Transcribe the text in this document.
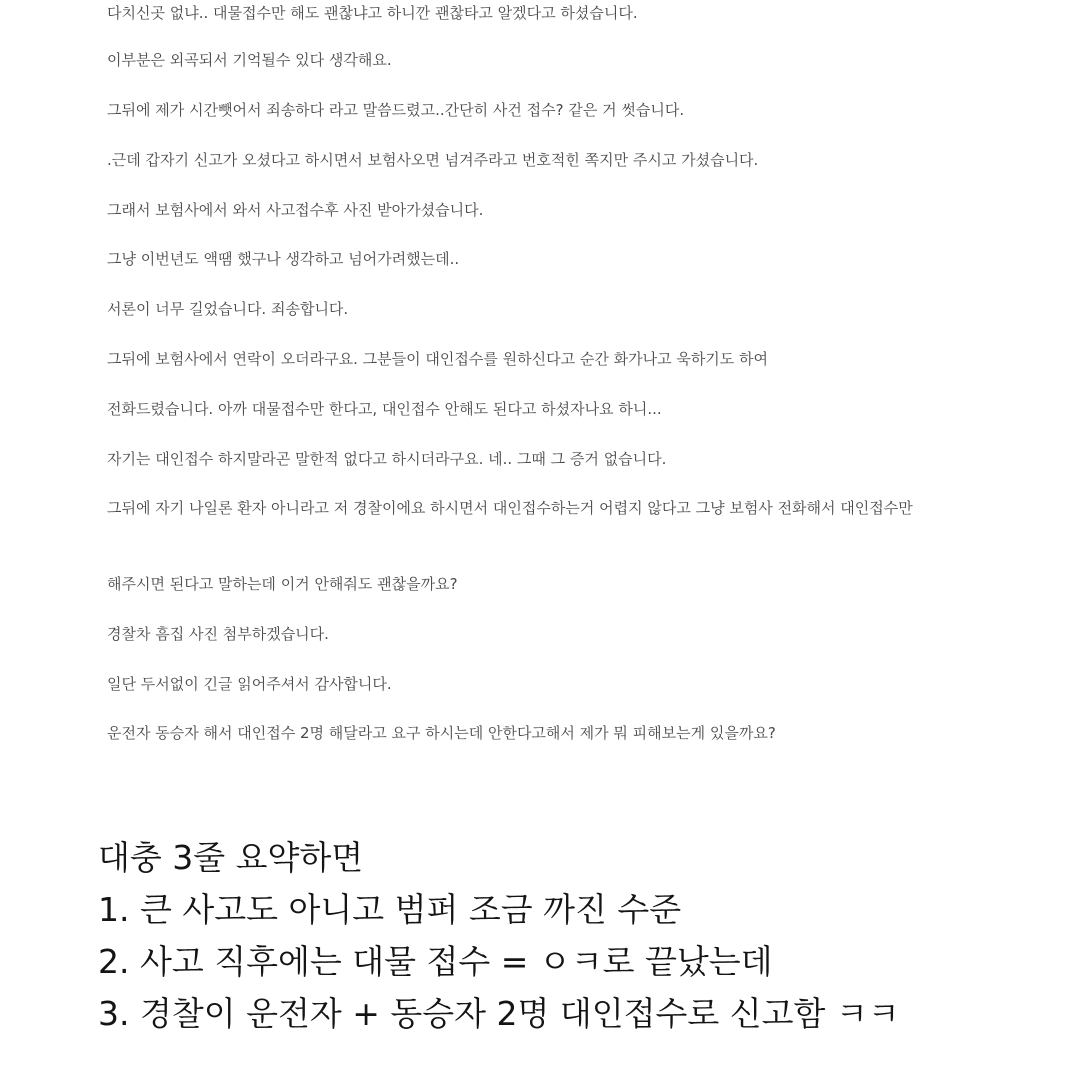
다치신곳 없냐.. 대물접수만 해도 괜찮냐고 하니깐 괜찮타고 알겠다고 하셨습니다.

이부분은 외곡되서 기억될수 있다 생각해요.

그뒤에 제가 시간뺏어서 죄송하다 라고 말씀드렸고..간단히 사건 접수? 같은 거 썻습니다.

.근데 갑자기 신고가 오셨다고 하시면서 보험사오면 넘겨주라고 번호적힌 쪽지만 주시고 가셨습니다.

그래서 보험사에서 와서 사고접수후 사진 받아가셨습니다.

그냥 이번년도 액땜 했구나 생각하고 넘어가려했는데..

서론이 너무 길었습니다. 죄송합니다.

그뒤에 보험사에서 연락이 오더라구요. 그분들이 대인접수를 원하신다고 순간 화가나고 욱하기도 하여

전화드렸습니다. 아까 대물접수만 한다고, 대인접수 안해도 된다고 하셨자나요 하니...

자기는 대인접수 하지말라곤 말한적 없다고 하시더라구요. 네.. 그때 그 증거 없습니다.

그뒤에 자기 나일론 환자 아니라고 저 경찰이에요 하시면서 대인접수하는거 어렵지 않다고 그냥 보험사 전화해서 대인접수만

해주시면 된다고 말하는데 이거 안해줘도 괜찮을까요?

경찰차 흠집 사진 첨부하겠습니다.

일단 두서없이 긴글 읽어주셔서 감사합니다.

운전자 동승자 해서 대인접수 2명 해달라고 요구 하시는데 안한다고해서 제가 뭐 피해보는게 있을까요?

대충 3줄 요약하면

1. 큰 사고도 아니고 범퍼 조금 까진 수준

2. 사고 직후에는 대물 접수 = ㅇㅋ로 끝났는데

3. 경찰이 운전자 + 동승자 2명 대인접수로 신고함 ㅋㅋ
